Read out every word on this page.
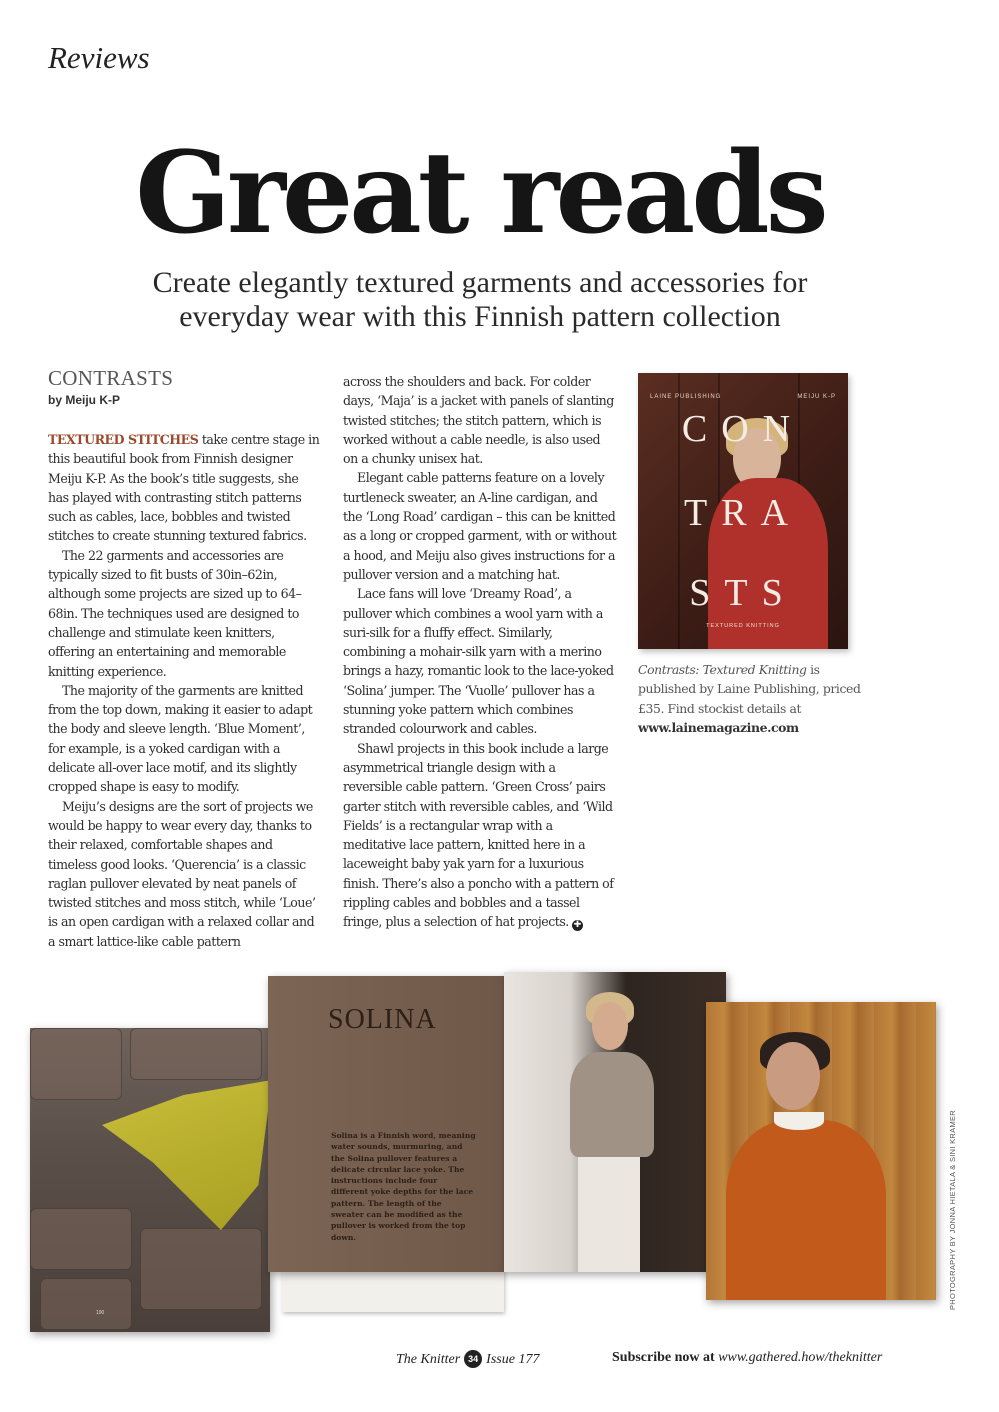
Reviews
Great reads
Create elegantly textured garments and accessories for
everyday wear with this Finnish pattern collection
CONTRASTS
by Meiju K-P

TEXTURED STITCHES take centre stage in this beautiful book from Finnish designer Meiju K-P. As the book’s title suggests, she has played with contrasting stitch patterns such as cables, lace, bobbles and twisted stitches to create stunning textured fabrics.

The 22 garments and accessories are typically sized to fit busts of 30in–62in, although some projects are sized up to 64–68in. The techniques used are designed to challenge and stimulate keen knitters, offering an entertaining and memorable knitting experience.

The majority of the garments are knitted from the top down, making it easier to adapt the body and sleeve length. ‘Blue Moment’, for example, is a yoked cardigan with a delicate all-over lace motif, and its slightly cropped shape is easy to modify.

Meiju’s designs are the sort of projects we would be happy to wear every day, thanks to their relaxed, comfortable shapes and timeless good looks. ‘Querencia’ is a classic raglan pullover elevated by neat panels of twisted stitches and moss stitch, while ‘Loue’ is an open cardigan with a relaxed collar and a smart lattice-like cable pattern

across the shoulders and back. For colder days, ‘Maja’ is a jacket with panels of slanting twisted stitches; the stitch pattern, which is worked without a cable needle, is also used on a chunky unisex hat.

Elegant cable patterns feature on a lovely turtleneck sweater, an A-line cardigan, and the ‘Long Road’ cardigan – this can be knitted as a long or cropped garment, with or without a hood, and Meiju also gives instructions for a pullover version and a matching hat.

Lace fans will love ‘Dreamy Road’, a pullover which combines a wool yarn with a suri-silk for a fluffy effect. Similarly, combining a mohair-silk yarn with a merino brings a hazy, romantic look to the lace-yoked ‘Solina’ jumper. The ‘Vuolle’ pullover has a stunning yoke pattern which combines stranded colourwork and cables.

Shawl projects in this book include a large asymmetrical triangle design with a reversible cable pattern. ‘Green Cross’ pairs garter stitch with reversible cables, and ‘Wild Fields’ is a rectangular wrap with a meditative lace pattern, knitted here in a laceweight baby yak yarn for a luxurious finish. There’s also a poncho with a pattern of rippling cables and bobbles and a tassel fringe, plus a selection of hat projects. ✚

LAINE PUBLISHING	MEIJU K-P
CON
TRA
STS
TEXTURED KNITTING
Contrasts: Textured Knitting is published by Laine Publishing, priced £35. Find stockist details at www.lainemagazine.com
190
SOLINA
Solina is a Finnish word, meaning water sounds, murmuring, and the Solina pullover features a delicate circular lace yoke. The instructions include four different yoke depths for the lace pattern. The length of the sweater can be modified as the pullover is worked from the top down.	PHOTOGRAPHY BY JONNA HIETALA & SINI KRAMER
The Knitter 34 Issue 177	Subscribe now at www.gathered.how/theknitter
